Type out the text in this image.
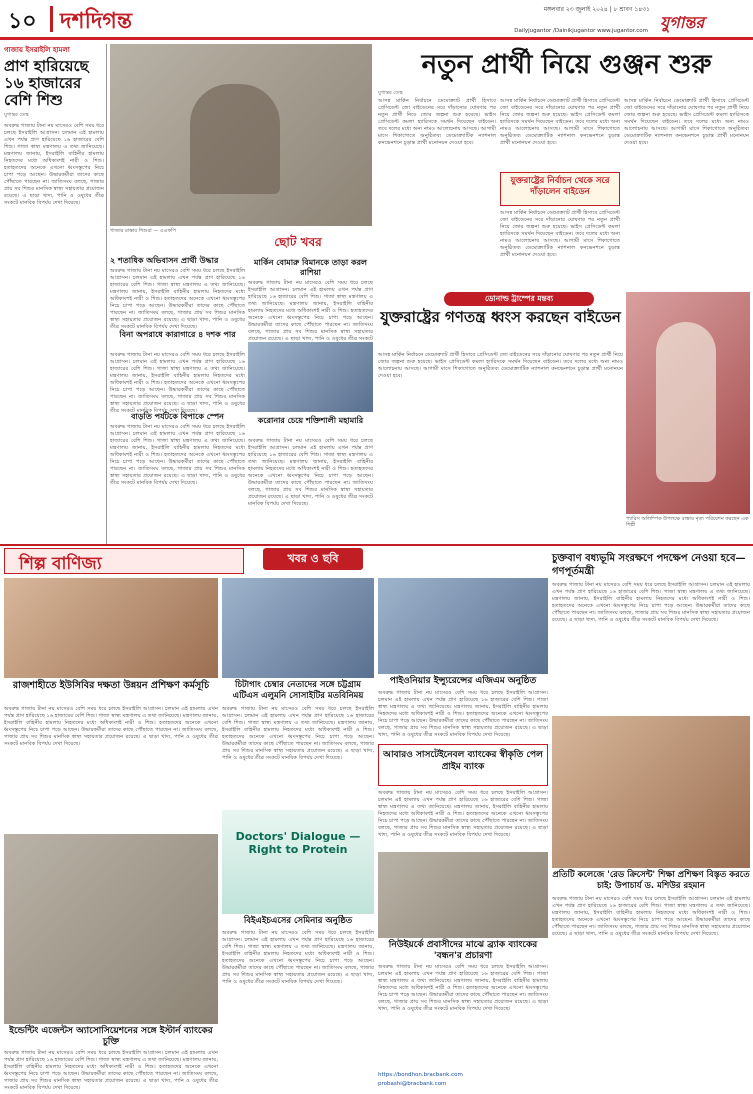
১০ দশদিগন্ত	মঙ্গলবার ২৩ জুলাই ২০২৪ | ৮ শ্রাবণ ১৪৩১
যুগান্তর
Dailyjugantor /Dainikjugantor www.jugantor.com
গাজায় ইসরাইলি হামলা
প্রাণ হারিয়েছে ১৬ হাজারের বেশি শিশু
যুগান্তর ডেস্ক
অবরুদ্ধ গাজায় টানা নয় মাসেরও বেশি সময় ধরে চলছে ইসরাইলি আগ্রাসন। চলমান এই হামলায় এখন পর্যন্ত প্রাণ হারিয়েছে ১৬ হাজারের বেশি শিশু। গাজা স্বাস্থ্য মন্ত্রণালয় এ তথ্য জানিয়েছে। মন্ত্রণালয় জানায়, ইসরাইলি বাহিনীর হামলায় নিহতদের মধ্যে অধিকাংশই নারী ও শিশু। হতাহতদের অনেকে এখনো ধ্বংসস্তূপের নিচে চাপা পড়ে আছেন। উদ্ধারকর্মীরা তাদের কাছে পৌঁছাতে পারছেন না। জাতিসংঘ বলছে, গাজার প্রায় সব শিশুর মানসিক স্বাস্থ্য সহায়তার প্রয়োজন রয়েছে। এ ছাড়া খাদ্য, পানি ও ওষুধের তীব্র সংকটে মানবিক বিপর্যয় দেখা দিয়েছে।
গাজার রাস্তায় শিশুরা — এএফপি
নতুন প্রার্থী নিয়ে গুঞ্জন শুরু
যুগান্তর ডেস্ক
আসন্ন মার্কিন নির্বাচনে ডেমোক্র্যাট প্রার্থী হিসাবে প্রেসিডেন্ট জো বাইডেনের সরে দাঁড়ানোর ঘোষণার পর নতুন প্রার্থী নিয়ে জোর জল্পনা শুরু হয়েছে। ভাইস প্রেসিডেন্ট কমলা হ্যারিসকে সমর্থন দিয়েছেন বাইডেন। তবে দলের মধ্যে অন্য নামও আলোচনায় আসছে। আগামী মাসে শিকাগোতে অনুষ্ঠিতব্য ডেমোক্র্যাটিক ন্যাশনাল কনভেনশনে চূড়ান্ত প্রার্থী মনোনয়ন দেওয়া হবে।
আসন্ন মার্কিন নির্বাচনে ডেমোক্র্যাট প্রার্থী হিসাবে প্রেসিডেন্ট জো বাইডেনের সরে দাঁড়ানোর ঘোষণার পর নতুন প্রার্থী নিয়ে জোর জল্পনা শুরু হয়েছে। ভাইস প্রেসিডেন্ট কমলা হ্যারিসকে সমর্থন দিয়েছেন বাইডেন। তবে দলের মধ্যে অন্য নামও আলোচনায় আসছে। আগামী মাসে শিকাগোতে অনুষ্ঠিতব্য ডেমোক্র্যাটিক ন্যাশনাল কনভেনশনে চূড়ান্ত প্রার্থী মনোনয়ন দেওয়া হবে।
যুক্তরাষ্ট্রের নির্বাচন থেকে সরে দাঁড়ালেন বাইডেন
আসন্ন মার্কিন নির্বাচনে ডেমোক্র্যাট প্রার্থী হিসাবে প্রেসিডেন্ট জো বাইডেনের সরে দাঁড়ানোর ঘোষণার পর নতুন প্রার্থী নিয়ে জোর জল্পনা শুরু হয়েছে। ভাইস প্রেসিডেন্ট কমলা হ্যারিসকে সমর্থন দিয়েছেন বাইডেন। তবে দলের মধ্যে অন্য নামও আলোচনায় আসছে। আগামী মাসে শিকাগোতে অনুষ্ঠিতব্য ডেমোক্র্যাটিক ন্যাশনাল কনভেনশনে চূড়ান্ত প্রার্থী মনোনয়ন দেওয়া হবে।
আসন্ন মার্কিন নির্বাচনে ডেমোক্র্যাট প্রার্থী হিসাবে প্রেসিডেন্ট জো বাইডেনের সরে দাঁড়ানোর ঘোষণার পর নতুন প্রার্থী নিয়ে জোর জল্পনা শুরু হয়েছে। ভাইস প্রেসিডেন্ট কমলা হ্যারিসকে সমর্থন দিয়েছেন বাইডেন। তবে দলের মধ্যে অন্য নামও আলোচনায় আসছে। আগামী মাসে শিকাগোতে অনুষ্ঠিতব্য ডেমোক্র্যাটিক ন্যাশনাল কনভেনশনে চূড়ান্ত প্রার্থী মনোনয়ন দেওয়া হবে।
ডোনাল্ড ট্রাম্পের মন্তব্য
যুক্তরাষ্ট্রের গণতন্ত্র ধ্বংস করছেন বাইডেন
আসন্ন মার্কিন নির্বাচনে ডেমোক্র্যাট প্রার্থী হিসাবে প্রেসিডেন্ট জো বাইডেনের সরে দাঁড়ানোর ঘোষণার পর নতুন প্রার্থী নিয়ে জোর জল্পনা শুরু হয়েছে। ভাইস প্রেসিডেন্ট কমলা হ্যারিসকে সমর্থন দিয়েছেন বাইডেন। তবে দলের মধ্যে অন্য নামও আলোচনায় আসছে। আগামী মাসে শিকাগোতে অনুষ্ঠিতব্য ডেমোক্র্যাটিক ন্যাশনাল কনভেনশনে চূড়ান্ত প্রার্থী মনোনয়ন দেওয়া হবে।
প্যারিস অলিম্পিক উপলক্ষে রাস্তায় নৃত্য পরিবেশন করছেন এক শিল্পী
ছোট খবর
২ শতাধিক অভিবাসন প্রার্থী উদ্ধার
অবরুদ্ধ গাজায় টানা নয় মাসেরও বেশি সময় ধরে চলছে ইসরাইলি আগ্রাসন। চলমান এই হামলায় এখন পর্যন্ত প্রাণ হারিয়েছে ১৬ হাজারের বেশি শিশু। গাজা স্বাস্থ্য মন্ত্রণালয় এ তথ্য জানিয়েছে। মন্ত্রণালয় জানায়, ইসরাইলি বাহিনীর হামলায় নিহতদের মধ্যে অধিকাংশই নারী ও শিশু। হতাহতদের অনেকে এখনো ধ্বংসস্তূপের নিচে চাপা পড়ে আছেন। উদ্ধারকর্মীরা তাদের কাছে পৌঁছাতে পারছেন না। জাতিসংঘ বলছে, গাজার প্রায় সব শিশুর মানসিক স্বাস্থ্য সহায়তার প্রয়োজন রয়েছে। এ ছাড়া খাদ্য, পানি ও ওষুধের তীব্র সংকটে মানবিক বিপর্যয় দেখা দিয়েছে।
বিনা অপরাধে কারাগারে ৪ দশক পার
অবরুদ্ধ গাজায় টানা নয় মাসেরও বেশি সময় ধরে চলছে ইসরাইলি আগ্রাসন। চলমান এই হামলায় এখন পর্যন্ত প্রাণ হারিয়েছে ১৬ হাজারের বেশি শিশু। গাজা স্বাস্থ্য মন্ত্রণালয় এ তথ্য জানিয়েছে। মন্ত্রণালয় জানায়, ইসরাইলি বাহিনীর হামলায় নিহতদের মধ্যে অধিকাংশই নারী ও শিশু। হতাহতদের অনেকে এখনো ধ্বংসস্তূপের নিচে চাপা পড়ে আছেন। উদ্ধারকর্মীরা তাদের কাছে পৌঁছাতে পারছেন না। জাতিসংঘ বলছে, গাজার প্রায় সব শিশুর মানসিক স্বাস্থ্য সহায়তার প্রয়োজন রয়েছে। এ ছাড়া খাদ্য, পানি ও ওষুধের তীব্র সংকটে মানবিক বিপর্যয় দেখা দিয়েছে।
বাড়তি পর্যটকে বিপাকে স্পেন
অবরুদ্ধ গাজায় টানা নয় মাসেরও বেশি সময় ধরে চলছে ইসরাইলি আগ্রাসন। চলমান এই হামলায় এখন পর্যন্ত প্রাণ হারিয়েছে ১৬ হাজারের বেশি শিশু। গাজা স্বাস্থ্য মন্ত্রণালয় এ তথ্য জানিয়েছে। মন্ত্রণালয় জানায়, ইসরাইলি বাহিনীর হামলায় নিহতদের মধ্যে অধিকাংশই নারী ও শিশু। হতাহতদের অনেকে এখনো ধ্বংসস্তূপের নিচে চাপা পড়ে আছেন। উদ্ধারকর্মীরা তাদের কাছে পৌঁছাতে পারছেন না। জাতিসংঘ বলছে, গাজার প্রায় সব শিশুর মানসিক স্বাস্থ্য সহায়তার প্রয়োজন রয়েছে। এ ছাড়া খাদ্য, পানি ও ওষুধের তীব্র সংকটে মানবিক বিপর্যয় দেখা দিয়েছে।
মার্কিন বোমারু বিমানকে তাড়া করল রাশিয়া
অবরুদ্ধ গাজায় টানা নয় মাসেরও বেশি সময় ধরে চলছে ইসরাইলি আগ্রাসন। চলমান এই হামলায় এখন পর্যন্ত প্রাণ হারিয়েছে ১৬ হাজারের বেশি শিশু। গাজা স্বাস্থ্য মন্ত্রণালয় এ তথ্য জানিয়েছে। মন্ত্রণালয় জানায়, ইসরাইলি বাহিনীর হামলায় নিহতদের মধ্যে অধিকাংশই নারী ও শিশু। হতাহতদের অনেকে এখনো ধ্বংসস্তূপের নিচে চাপা পড়ে আছেন। উদ্ধারকর্মীরা তাদের কাছে পৌঁছাতে পারছেন না। জাতিসংঘ বলছে, গাজার প্রায় সব শিশুর মানসিক স্বাস্থ্য সহায়তার প্রয়োজন রয়েছে। এ ছাড়া খাদ্য, পানি ও ওষুধের তীব্র সংকটে
করোনার চেয়ে শক্তিশালী মহামারি
অবরুদ্ধ গাজায় টানা নয় মাসেরও বেশি সময় ধরে চলছে ইসরাইলি আগ্রাসন। চলমান এই হামলায় এখন পর্যন্ত প্রাণ হারিয়েছে ১৬ হাজারের বেশি শিশু। গাজা স্বাস্থ্য মন্ত্রণালয় এ তথ্য জানিয়েছে। মন্ত্রণালয় জানায়, ইসরাইলি বাহিনীর হামলায় নিহতদের মধ্যে অধিকাংশই নারী ও শিশু। হতাহতদের অনেকে এখনো ধ্বংসস্তূপের নিচে চাপা পড়ে আছেন। উদ্ধারকর্মীরা তাদের কাছে পৌঁছাতে পারছেন না। জাতিসংঘ বলছে, গাজার প্রায় সব শিশুর মানসিক স্বাস্থ্য সহায়তার প্রয়োজন রয়েছে। এ ছাড়া খাদ্য, পানি ও ওষুধের তীব্র সংকটে মানবিক বিপর্যয় দেখা দিয়েছে।
শিল্প বাণিজ্য	খবর ও ছবি
রাজশাহীতে ইউসিবির দক্ষতা উন্নয়ন প্রশিক্ষণ কর্মসূচি
অবরুদ্ধ গাজায় টানা নয় মাসেরও বেশি সময় ধরে চলছে ইসরাইলি আগ্রাসন। চলমান এই হামলায় এখন পর্যন্ত প্রাণ হারিয়েছে ১৬ হাজারের বেশি শিশু। গাজা স্বাস্থ্য মন্ত্রণালয় এ তথ্য জানিয়েছে। মন্ত্রণালয় জানায়, ইসরাইলি বাহিনীর হামলায় নিহতদের মধ্যে অধিকাংশই নারী ও শিশু। হতাহতদের অনেকে এখনো ধ্বংসস্তূপের নিচে চাপা পড়ে আছেন। উদ্ধারকর্মীরা তাদের কাছে পৌঁছাতে পারছেন না। জাতিসংঘ বলছে, গাজার প্রায় সব শিশুর মানসিক স্বাস্থ্য সহায়তার প্রয়োজন রয়েছে। এ ছাড়া খাদ্য, পানি ও ওষুধের তীব্র সংকটে মানবিক বিপর্যয় দেখা দিয়েছে।
ইন্ডেন্টিং এজেন্টস অ্যাসোসিয়েশনের সঙ্গে ইস্টার্ন ব্যাংকের চুক্তি
অবরুদ্ধ গাজায় টানা নয় মাসেরও বেশি সময় ধরে চলছে ইসরাইলি আগ্রাসন। চলমান এই হামলায় এখন পর্যন্ত প্রাণ হারিয়েছে ১৬ হাজারের বেশি শিশু। গাজা স্বাস্থ্য মন্ত্রণালয় এ তথ্য জানিয়েছে। মন্ত্রণালয় জানায়, ইসরাইলি বাহিনীর হামলায় নিহতদের মধ্যে অধিকাংশই নারী ও শিশু। হতাহতদের অনেকে এখনো ধ্বংসস্তূপের নিচে চাপা পড়ে আছেন। উদ্ধারকর্মীরা তাদের কাছে পৌঁছাতে পারছেন না। জাতিসংঘ বলছে, গাজার প্রায় সব শিশুর মানসিক স্বাস্থ্য সহায়তার প্রয়োজন রয়েছে। এ ছাড়া খাদ্য, পানি ও ওষুধের তীব্র সংকটে মানবিক বিপর্যয় দেখা দিয়েছে।
চিটাগাং চেম্বার নেতাদের সঙ্গে চট্টগ্রাম এটিএস এলুমনি সোসাইটির মতবিনিময়
অবরুদ্ধ গাজায় টানা নয় মাসেরও বেশি সময় ধরে চলছে ইসরাইলি আগ্রাসন। চলমান এই হামলায় এখন পর্যন্ত প্রাণ হারিয়েছে ১৬ হাজারের বেশি শিশু। গাজা স্বাস্থ্য মন্ত্রণালয় এ তথ্য জানিয়েছে। মন্ত্রণালয় জানায়, ইসরাইলি বাহিনীর হামলায় নিহতদের মধ্যে অধিকাংশই নারী ও শিশু। হতাহতদের অনেকে এখনো ধ্বংসস্তূপের নিচে চাপা পড়ে আছেন। উদ্ধারকর্মীরা তাদের কাছে পৌঁছাতে পারছেন না। জাতিসংঘ বলছে, গাজার প্রায় সব শিশুর মানসিক স্বাস্থ্য সহায়তার প্রয়োজন রয়েছে। এ ছাড়া খাদ্য, পানি ও ওষুধের তীব্র সংকটে মানবিক বিপর্যয় দেখা দিয়েছে।
Doctors' Dialogue — Right to Protein
বিইএইচএসের সেমিনার অনুষ্ঠিত
অবরুদ্ধ গাজায় টানা নয় মাসেরও বেশি সময় ধরে চলছে ইসরাইলি আগ্রাসন। চলমান এই হামলায় এখন পর্যন্ত প্রাণ হারিয়েছে ১৬ হাজারের বেশি শিশু। গাজা স্বাস্থ্য মন্ত্রণালয় এ তথ্য জানিয়েছে। মন্ত্রণালয় জানায়, ইসরাইলি বাহিনীর হামলায় নিহতদের মধ্যে অধিকাংশই নারী ও শিশু। হতাহতদের অনেকে এখনো ধ্বংসস্তূপের নিচে চাপা পড়ে আছেন। উদ্ধারকর্মীরা তাদের কাছে পৌঁছাতে পারছেন না। জাতিসংঘ বলছে, গাজার প্রায় সব শিশুর মানসিক স্বাস্থ্য সহায়তার প্রয়োজন রয়েছে। এ ছাড়া খাদ্য, পানি ও ওষুধের তীব্র সংকটে মানবিক বিপর্যয় দেখা দিয়েছে।
পাইওনিয়ার ইন্স্যুরেন্সের এজিএম অনুষ্ঠিত
অবরুদ্ধ গাজায় টানা নয় মাসেরও বেশি সময় ধরে চলছে ইসরাইলি আগ্রাসন। চলমান এই হামলায় এখন পর্যন্ত প্রাণ হারিয়েছে ১৬ হাজারের বেশি শিশু। গাজা স্বাস্থ্য মন্ত্রণালয় এ তথ্য জানিয়েছে। মন্ত্রণালয় জানায়, ইসরাইলি বাহিনীর হামলায় নিহতদের মধ্যে অধিকাংশই নারী ও শিশু। হতাহতদের অনেকে এখনো ধ্বংসস্তূপের নিচে চাপা পড়ে আছেন। উদ্ধারকর্মীরা তাদের কাছে পৌঁছাতে পারছেন না। জাতিসংঘ বলছে, গাজার প্রায় সব শিশুর মানসিক স্বাস্থ্য সহায়তার প্রয়োজন রয়েছে। এ ছাড়া খাদ্য, পানি ও ওষুধের তীব্র সংকটে মানবিক বিপর্যয় দেখা দিয়েছে।
আবারও সাসটেইনেবল ব্যাংকের স্বীকৃতি পেল প্রাইম ব্যাংক
অবরুদ্ধ গাজায় টানা নয় মাসেরও বেশি সময় ধরে চলছে ইসরাইলি আগ্রাসন। চলমান এই হামলায় এখন পর্যন্ত প্রাণ হারিয়েছে ১৬ হাজারের বেশি শিশু। গাজা স্বাস্থ্য মন্ত্রণালয় এ তথ্য জানিয়েছে। মন্ত্রণালয় জানায়, ইসরাইলি বাহিনীর হামলায় নিহতদের মধ্যে অধিকাংশই নারী ও শিশু। হতাহতদের অনেকে এখনো ধ্বংসস্তূপের নিচে চাপা পড়ে আছেন। উদ্ধারকর্মীরা তাদের কাছে পৌঁছাতে পারছেন না। জাতিসংঘ বলছে, গাজার প্রায় সব শিশুর মানসিক স্বাস্থ্য সহায়তার প্রয়োজন রয়েছে। এ ছাড়া খাদ্য, পানি ও ওষুধের তীব্র সংকটে মানবিক বিপর্যয় দেখা দিয়েছে।
নিউইয়র্কে প্রবাসীদের মাঝে ব্র্যাক ব্যাংকের 'বন্ধন'র প্রচারণা
অবরুদ্ধ গাজায় টানা নয় মাসেরও বেশি সময় ধরে চলছে ইসরাইলি আগ্রাসন। চলমান এই হামলায় এখন পর্যন্ত প্রাণ হারিয়েছে ১৬ হাজারের বেশি শিশু। গাজা স্বাস্থ্য মন্ত্রণালয় এ তথ্য জানিয়েছে। মন্ত্রণালয় জানায়, ইসরাইলি বাহিনীর হামলায় নিহতদের মধ্যে অধিকাংশই নারী ও শিশু। হতাহতদের অনেকে এখনো ধ্বংসস্তূপের নিচে চাপা পড়ে আছেন। উদ্ধারকর্মীরা তাদের কাছে পৌঁছাতে পারছেন না। জাতিসংঘ বলছে, গাজার প্রায় সব শিশুর মানসিক স্বাস্থ্য সহায়তার প্রয়োজন রয়েছে। এ ছাড়া খাদ্য, পানি ও ওষুধের তীব্র সংকটে মানবিক বিপর্যয় দেখা দিয়েছে।
https://bondhon.bracbank.com
probashi@bracbank.com
চুক্তবাণ বধ্যভূমি সংরক্ষণে পদক্ষেপ নেওয়া হবে—গণপূর্তমন্ত্রী
অবরুদ্ধ গাজায় টানা নয় মাসেরও বেশি সময় ধরে চলছে ইসরাইলি আগ্রাসন। চলমান এই হামলায় এখন পর্যন্ত প্রাণ হারিয়েছে ১৬ হাজারের বেশি শিশু। গাজা স্বাস্থ্য মন্ত্রণালয় এ তথ্য জানিয়েছে। মন্ত্রণালয় জানায়, ইসরাইলি বাহিনীর হামলায় নিহতদের মধ্যে অধিকাংশই নারী ও শিশু। হতাহতদের অনেকে এখনো ধ্বংসস্তূপের নিচে চাপা পড়ে আছেন। উদ্ধারকর্মীরা তাদের কাছে পৌঁছাতে পারছেন না। জাতিসংঘ বলছে, গাজার প্রায় সব শিশুর মানসিক স্বাস্থ্য সহায়তার প্রয়োজন রয়েছে। এ ছাড়া খাদ্য, পানি ও ওষুধের তীব্র সংকটে মানবিক বিপর্যয় দেখা দিয়েছে।
প্রতিটি কলেজে 'রেড ক্রিসেন্ট' শিক্ষা প্রশিক্ষণ বিস্তৃত করতে চাই: উপাচার্য ড. মশিউর রহমান
অবরুদ্ধ গাজায় টানা নয় মাসেরও বেশি সময় ধরে চলছে ইসরাইলি আগ্রাসন। চলমান এই হামলায় এখন পর্যন্ত প্রাণ হারিয়েছে ১৬ হাজারের বেশি শিশু। গাজা স্বাস্থ্য মন্ত্রণালয় এ তথ্য জানিয়েছে। মন্ত্রণালয় জানায়, ইসরাইলি বাহিনীর হামলায় নিহতদের মধ্যে অধিকাংশই নারী ও শিশু। হতাহতদের অনেকে এখনো ধ্বংসস্তূপের নিচে চাপা পড়ে আছেন। উদ্ধারকর্মীরা তাদের কাছে পৌঁছাতে পারছেন না। জাতিসংঘ বলছে, গাজার প্রায় সব শিশুর মানসিক স্বাস্থ্য সহায়তার প্রয়োজন রয়েছে। এ ছাড়া খাদ্য, পানি ও ওষুধের তীব্র সংকটে মানবিক বিপর্যয় দেখা দিয়েছে।
